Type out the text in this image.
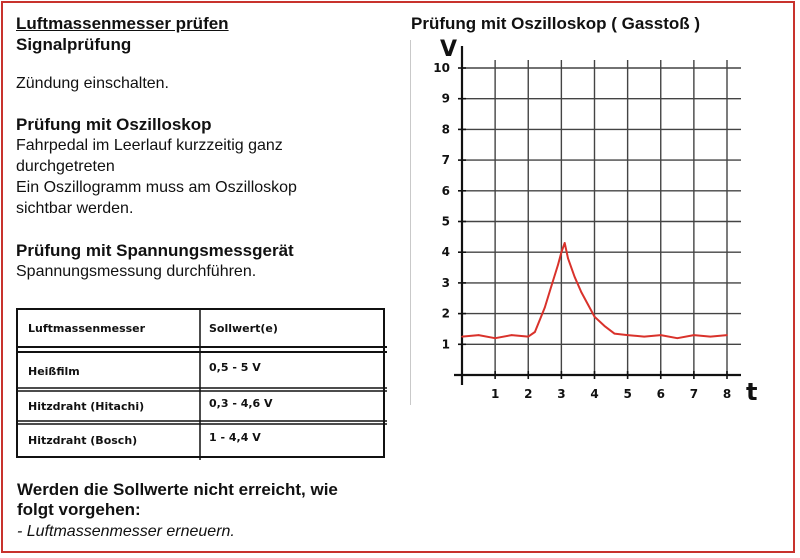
Luftmassenmesser prüfen
Signalprüfung
Zündung einschalten.
Prüfung mit Oszilloskop
Fahrpedal im Leerlauf kurzzeitig ganz
durchgetreten
Ein Oszillogramm muss am Oszilloskop
sichtbar werden.
Prüfung mit Spannungsmessgerät
Spannungsmessung durchführen.
Luftmassenmesser	Sollwert(e)
Heißfilm	0,5 - 5 V
Hitzdraht (Hitachi)	0,3 - 4,6 V
Hitzdraht (Bosch)	1 - 4,4 V
Werden die Sollwerte nicht erreicht, wie
folgt vorgehen:
- Luftmassenmesser erneuern.
Prüfung mit Oszilloskop ( Gasstoß )
1 2 3 4 5 6 7 8
1
2
3
4
5
6
7
8
9
10
V
t
